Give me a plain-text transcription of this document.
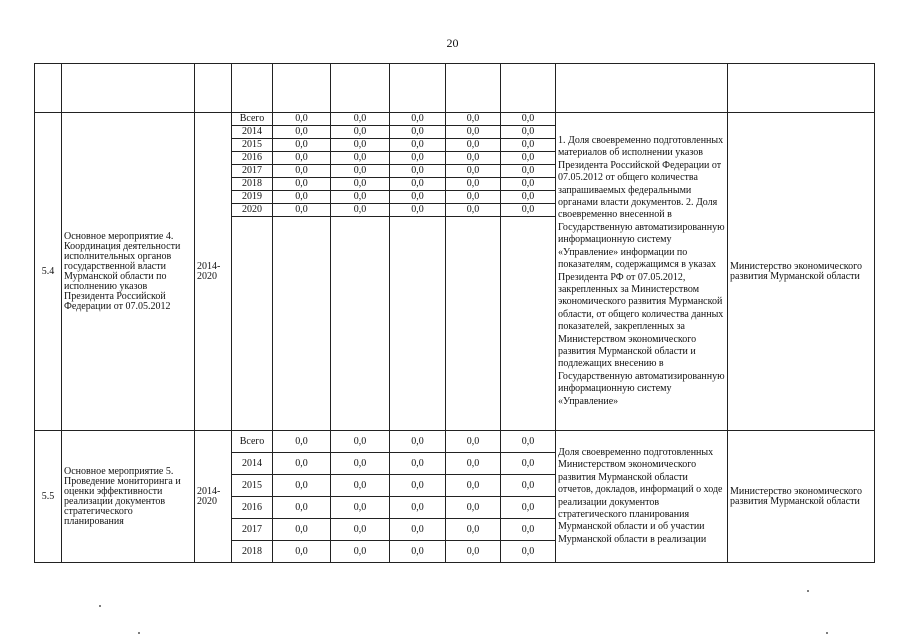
20

5.4	Основное мероприятие 4. Координация деятельности исполнительных органов государственной власти Мурманской области по исполнению указов Президента Российской Федерации от 07.05.2012	2014-2020	Всего	0,0	0,0	0,0	0,0	0,0	1. Доля своевременно подготовленных материалов об исполнении указов Президента Российской Федерации от 07.05.2012 от общего количества запрашиваемых федеральными органами власти документов. 2. Доля своевременно внесенной в Государственную автоматизированную информационную систему «Управление» информации по показателям, содержащимся в указах Президента РФ от 07.05.2012, закрепленных за Министерством экономического развития Мурманской области, от общего количества данных показателей, закрепленных за Министерством экономического развития Мурманской области и подлежащих внесению в Государственную автоматизированную информационную систему «Управление»	Министерство экономического развития Мурманской области
			2014	0,0	0,0	0,0	0,0	0,0		
			2015	0,0	0,0	0,0	0,0	0,0		
			2016	0,0	0,0	0,0	0,0	0,0		
			2017	0,0	0,0	0,0	0,0	0,0		
			2018	0,0	0,0	0,0	0,0	0,0		
			2019	0,0	0,0	0,0	0,0	0,0		
			2020	0,0	0,0	0,0	0,0	0,0		

5.5	Основное мероприятие 5. Проведение мониторинга и оценки эффективности реализации документов стратегического планирования	2014-2020	Всего	0,0	0,0	0,0	0,0	0,0	Доля своевременно подготовленных Министерством экономического развития Мурманской области отчетов, докладов, информаций о ходе реализации документов стратегического планирования Мурманской области и об участии Мурманской области в реализации	Министерство экономического развития Мурманской области
			2014	0,0	0,0	0,0	0,0	0,0		
			2015	0,0	0,0	0,0	0,0	0,0		
			2016	0,0	0,0	0,0	0,0	0,0		
			2017	0,0	0,0	0,0	0,0	0,0		
			2018	0,0	0,0	0,0	0,0	0,0		
